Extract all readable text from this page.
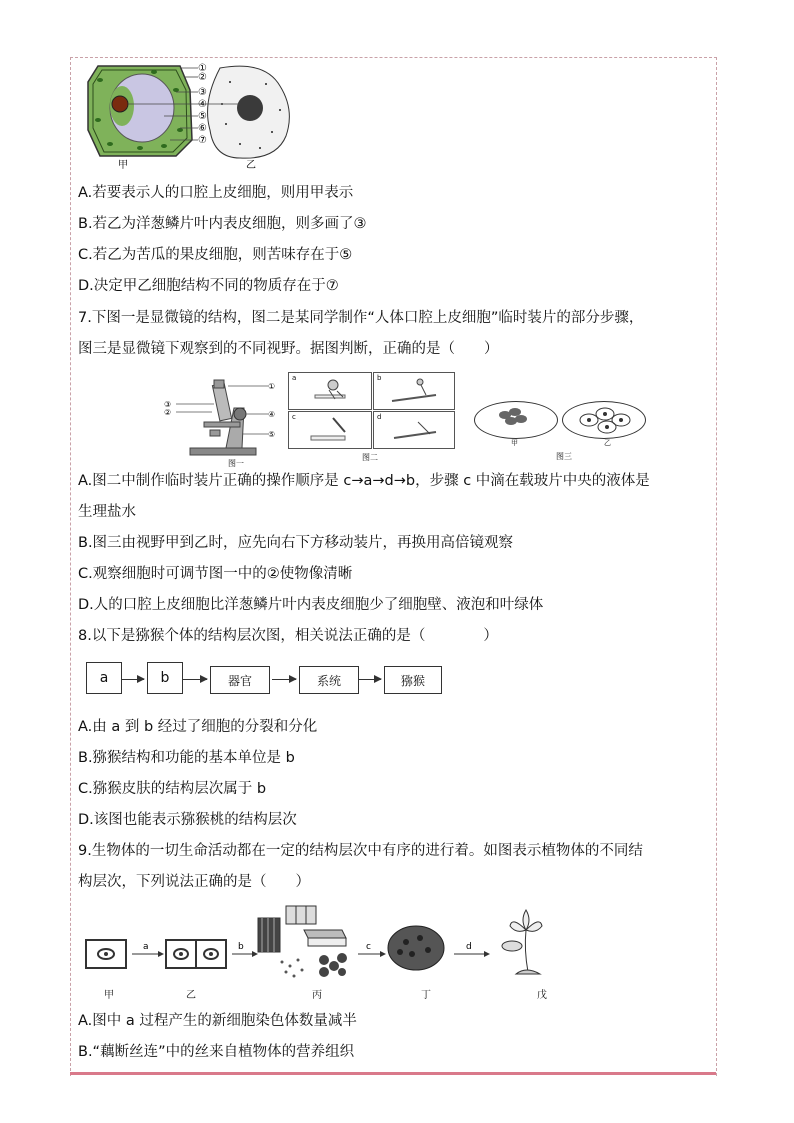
①
②
③
④
⑤
⑥
⑦
甲	乙
A.若要表示人的口腔上皮细胞，则用甲表示
B.若乙为洋葱鳞片叶内表皮细胞，则多画了③
C.若乙为苦瓜的果皮细胞，则苦味存在于⑤
D.决定甲乙细胞结构不同的物质存在于⑦
7.下图一是显微镜的结构，图二是某同学制作“人体口腔上皮细胞”临时装片的部分步骤，
图三是显微镜下观察到的不同视野。据图判断，正确的是（　　）
①
④
⑤
③
②
图一
a	b
c	d
图二
甲	乙
图三
A.图二中制作临时装片正确的操作顺序是 c→a→d→b，步骤 c 中滴在载玻片中央的液体是
生理盐水
B.图三由视野甲到乙时，应先向右下方移动装片，再换用高倍镜观察
C.观察细胞时可调节图一中的②使物像清晰
D.人的口腔上皮细胞比洋葱鳞片叶内表皮细胞少了细胞壁、液泡和叶绿体
8.以下是猕猴个体的结构层次图，相关说法正确的是（　　　　）
a	b	器官	系统	猕猴
A.由 a 到 b 经过了细胞的分裂和分化
B.猕猴结构和功能的基本单位是 b
C.猕猴皮肤的结构层次属于 b
D.该图也能表示猕猴桃的结构层次
9.生物体的一切生命活动都在一定的结构层次中有序的进行着。如图表示植物体的不同结
构层次，下列说法正确的是（　　）
a	b	c	d
甲	乙	丙	丁	戊
A.图中 a 过程产生的新细胞染色体数量减半
B.“藕断丝连”中的丝来自植物体的营养组织
